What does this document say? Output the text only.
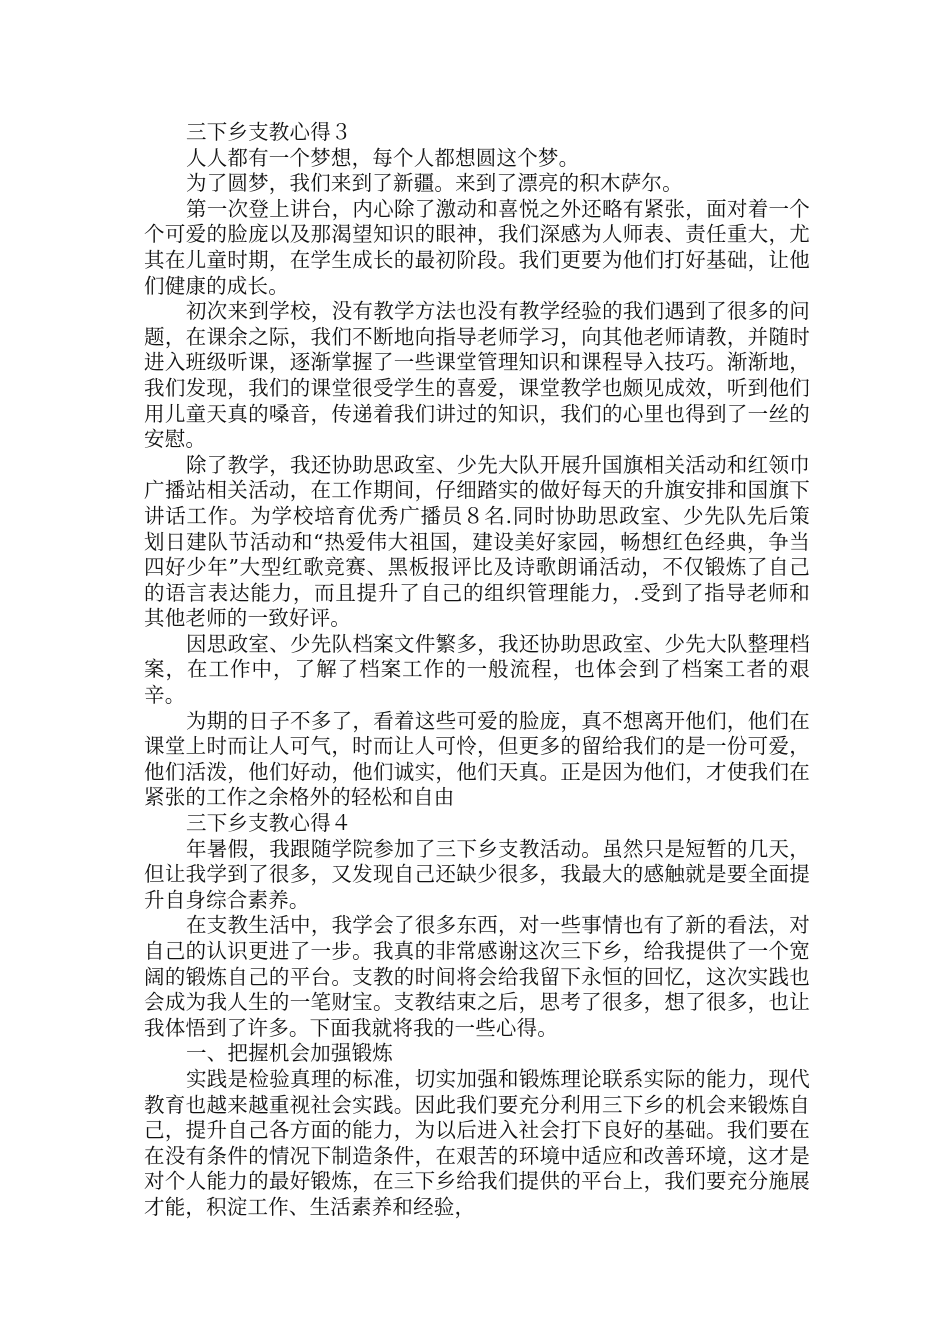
三下乡支教心得３

人人都有一个梦想，每个人都想圆这个梦。

为了圆梦，我们来到了新疆。来到了漂亮的积木萨尔。

第一次登上讲台，内心除了激动和喜悦之外还略有紧张，面对着一个个可爱的脸庞以及那渴望知识的眼神，我们深感为人师表、责任重大，尤其在儿童时期，在学生成长的最初阶段。我们更要为他们打好基础，让他们健康的成长。

初次来到学校，没有教学方法也没有教学经验的我们遇到了很多的问题，在课余之际，我们不断地向指导老师学习，向其他老师请教，并随时进入班级听课，逐渐掌握了一些课堂管理知识和课程导入技巧。渐渐地，我们发现，我们的课堂很受学生的喜爱，课堂教学也颇见成效，听到他们用儿童天真的嗓音，传递着我们讲过的知识，我们的心里也得到了一丝的安慰。

除了教学，我还协助思政室、少先大队开展升国旗相关活动和红领巾广播站相关活动，在工作期间，仔细踏实的做好每天的升旗安排和国旗下讲话工作。为学校培育优秀广播员８名.同时协助思政室、少先队先后策划日建队节活动和“热爱伟大祖国，建设美好家园，畅想红色经典，争当四好少年”大型红歌竞赛、黑板报评比及诗歌朗诵活动，不仅锻炼了自己的语言表达能力，而且提升了自己的组织管理能力，.受到了指导老师和其他老师的一致好评。

因思政室、少先队档案文件繁多，我还协助思政室、少先大队整理档案，在工作中，了解了档案工作的一般流程，也体会到了档案工者的艰辛。

为期的日子不多了，看着这些可爱的脸庞，真不想离开他们，他们在课堂上时而让人可气，时而让人可怜，但更多的留给我们的是一份可爱，他们活泼，他们好动，他们诚实，他们天真。正是因为他们，才使我们在紧张的工作之余格外的轻松和自由

三下乡支教心得４

年暑假，我跟随学院参加了三下乡支教活动。虽然只是短暂的几天，但让我学到了很多，又发现自己还缺少很多，我最大的感触就是要全面提升自身综合素养。

在支教生活中，我学会了很多东西，对一些事情也有了新的看法，对自己的认识更进了一步。我真的非常感谢这次三下乡，给我提供了一个宽阔的锻炼自己的平台。支教的时间将会给我留下永恒的回忆，这次实践也会成为我人生的一笔财宝。支教结束之后，思考了很多，想了很多，也让我体悟到了许多。下面我就将我的一些心得。

一、把握机会加强锻炼

实践是检验真理的标准，切实加强和锻炼理论联系实际的能力，现代教育也越来越重视社会实践。因此我们要充分利用三下乡的机会来锻炼自己，提升自己各方面的能力，为以后进入社会打下良好的基础。我们要在在没有条件的情况下制造条件，在艰苦的环境中适应和改善环境，这才是对个人能力的最好锻炼，在三下乡给我们提供的平台上，我们要充分施展才能，积淀工作、生活素养和经验，
